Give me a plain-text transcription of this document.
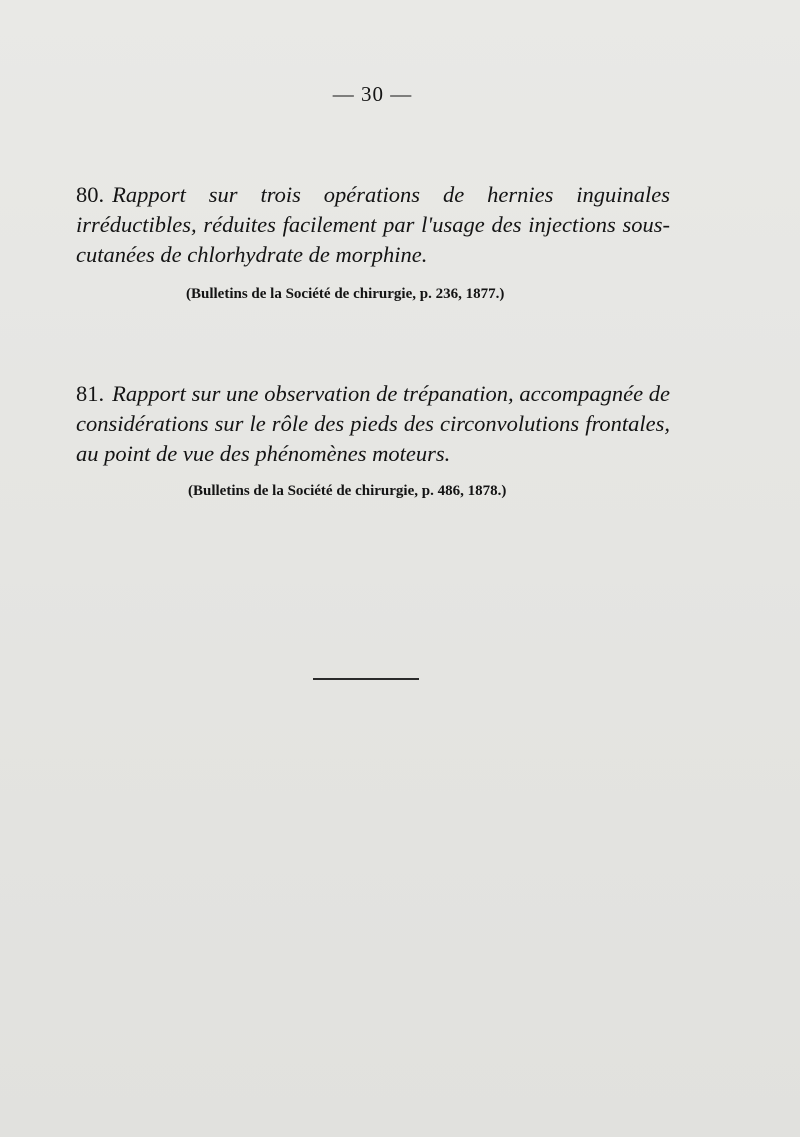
— 30 —

80. Rapport sur trois opérations de hernies inguinales irréductibles, réduites facilement par l'usage des injections sous-cutanées de chlorhydrate de morphine.

(Bulletins de la Société de chirurgie, p. 236, 1877.)

81. Rapport sur une observation de trépanation, accompagnée de considérations sur le rôle des pieds des circonvolutions frontales, au point de vue des phénomènes moteurs.

(Bulletins de la Société de chirurgie, p. 486, 1878.)
